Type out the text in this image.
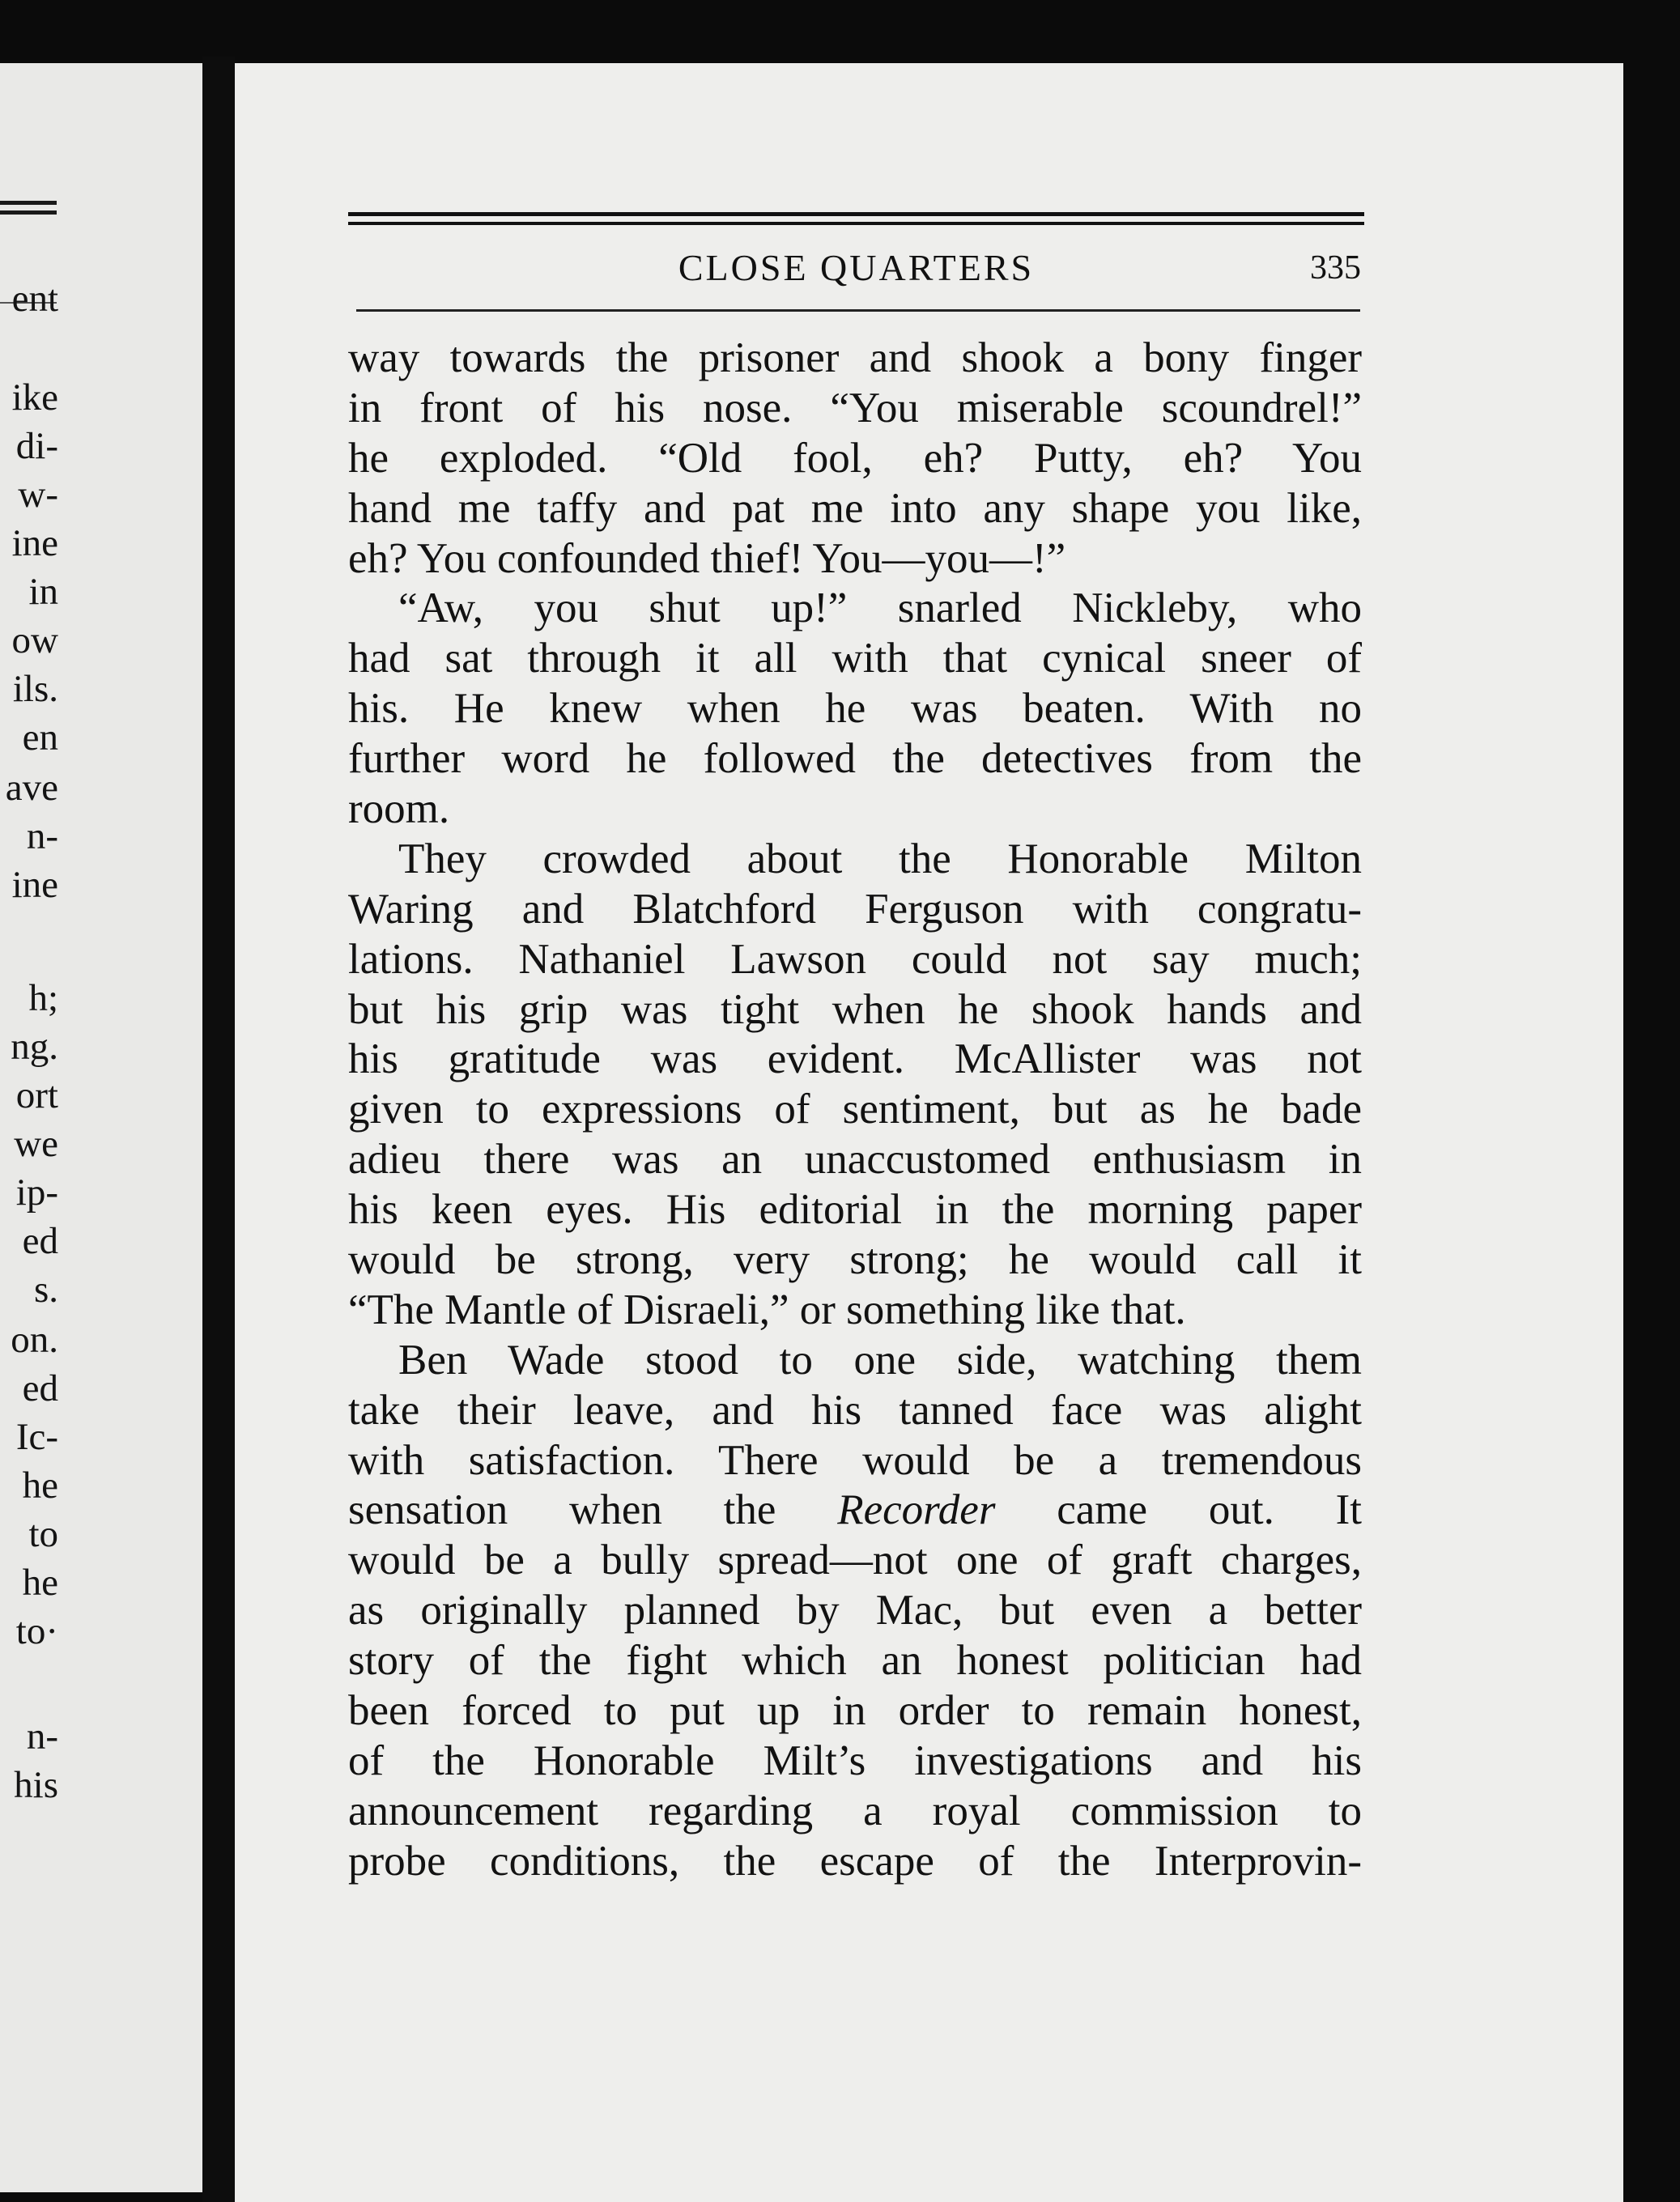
ent
ike
di-
w-
ine
in
ow
ils.
en
ave
n-
ine
h;
ng.
ort
we
ip-
ed
s.
on.
ed
Ic-
he
to
he
to·
n-
his
CLOSE QUARTERS	335
way towards the prisoner and shook a bony finger
in front of his nose. “You miserable scoundrel!”
he exploded. “Old fool, eh? Putty, eh? You
hand me taffy and pat me into any shape you like,
eh? You confounded thief! You—you—!”
“Aw, you shut up!” snarled Nickleby, who
had sat through it all with that cynical sneer of
his. He knew when he was beaten. With no
further word he followed the detectives from the
room.
They crowded about the Honorable Milton
Waring and Blatchford Ferguson with congratu-
lations. Nathaniel Lawson could not say much;
but his grip was tight when he shook hands and
his gratitude was evident. McAllister was not
given to expressions of sentiment, but as he bade
adieu there was an unaccustomed enthusiasm in
his keen eyes. His editorial in the morning paper
would be strong, very strong; he would call it
“The Mantle of Disraeli,” or something like that.
Ben Wade stood to one side, watching them
take their leave, and his tanned face was alight
with satisfaction. There would be a tremendous
sensation when the Recorder came out. It
would be a bully spread—not one of graft charges,
as originally planned by Mac, but even a better
story of the fight which an honest politician had
been forced to put up in order to remain honest,
of the Honorable Milt’s investigations and his
announcement regarding a royal commission to
probe conditions, the escape of the Interprovin-
